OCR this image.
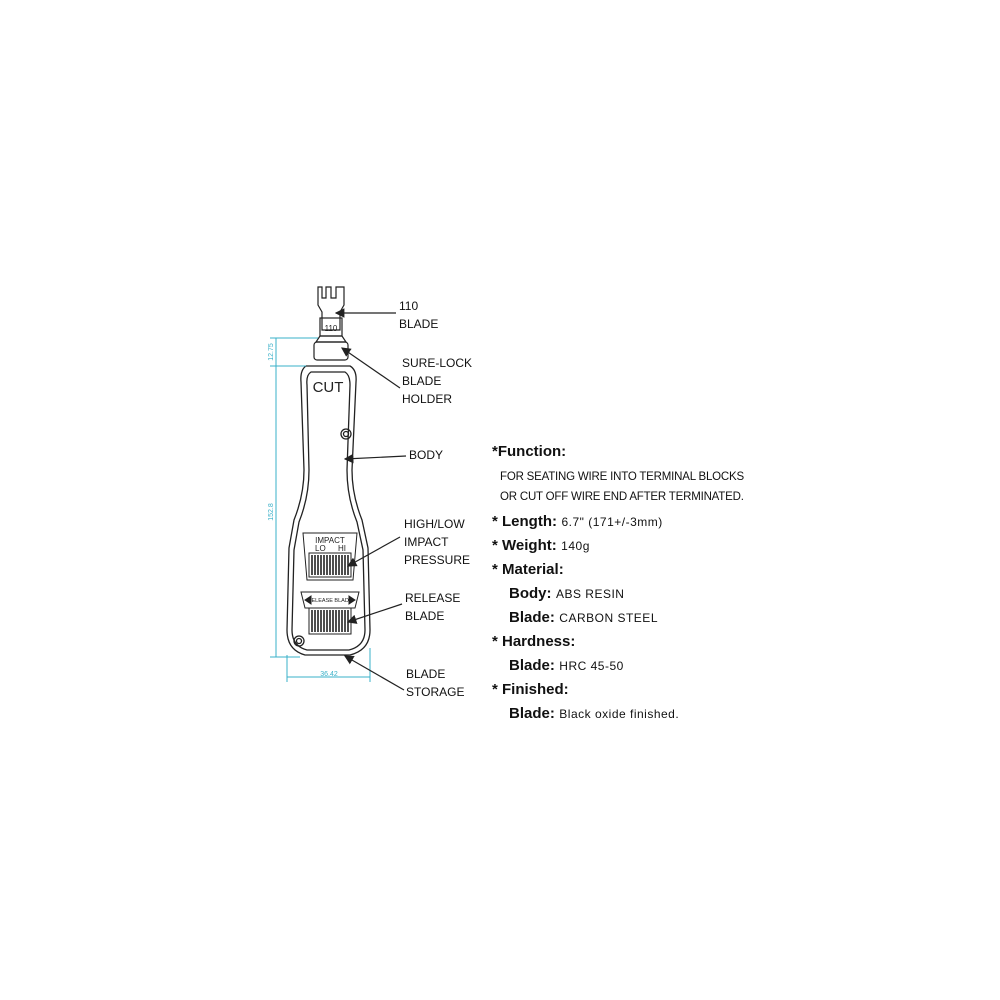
110
CUT
IMPACT
LO HI
RELEASE BLADE
12.75
152.8
36.42
110
BLADE
SURE-LOCK
BLADE
HOLDER
BODY
HIGH/LOW
IMPACT
PRESSURE
RELEASE
BLADE
BLADE
STORAGE
*Function:
FOR SEATING WIRE INTO TERMINAL BLOCKS
OR CUT OFF WIRE END AFTER TERMINATED.
* Length: 6.7" (171+/-3mm)
* Weight: 140g
* Material:
Body: ABS RESIN
Blade: CARBON STEEL
* Hardness:
Blade: HRC 45-50
* Finished:
Blade: Black oxide finished.
